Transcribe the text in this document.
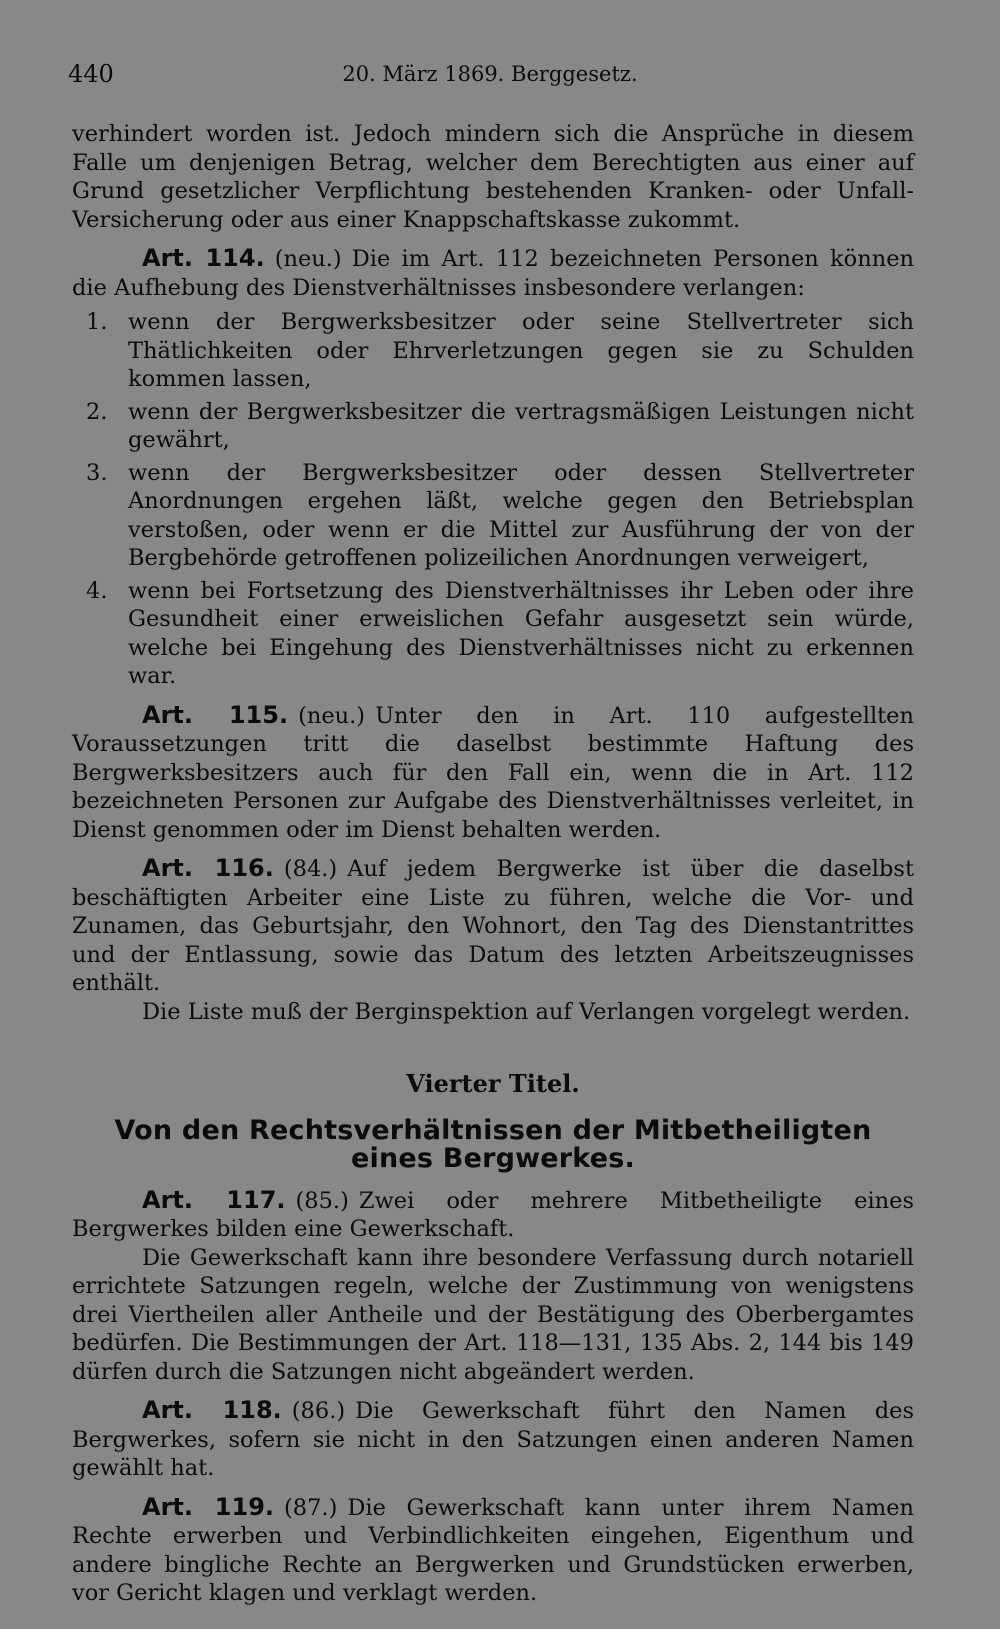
440	20. März 1869. Berggesetz.

verhindert worden ist. Jedoch mindern sich die Ansprüche in diesem Falle um denjenigen Betrag, welcher dem Berechtigten aus einer auf Grund gesetzlicher Verpflichtung bestehenden Kranken- oder Unfall-Versicherung oder aus einer Knappschaftskasse zukommt.

Art. 114. (neu.) Die im Art. 112 bezeichneten Personen können die Aufhebung des Dienstverhältnisses insbesondere verlangen:

1. wenn der Bergwerksbesitzer oder seine Stellvertreter sich Thätlichkeiten oder Ehrverletzungen gegen sie zu Schulden kommen lassen,
2. wenn der Bergwerksbesitzer die vertragsmäßigen Leistungen nicht gewährt,
3. wenn der Bergwerksbesitzer oder dessen Stellvertreter Anordnungen ergehen läßt, welche gegen den Betriebsplan verstoßen, oder wenn er die Mittel zur Ausführung der von der Bergbehörde getroffenen polizeilichen Anordnungen verweigert,
4. wenn bei Fortsetzung des Dienstverhältnisses ihr Leben oder ihre Gesundheit einer erweislichen Gefahr ausgesetzt sein würde, welche bei Eingehung des Dienstverhältnisses nicht zu erkennen war.

Art. 115. (neu.) Unter den in Art. 110 aufgestellten Voraussetzungen tritt die daselbst bestimmte Haftung des Bergwerksbesitzers auch für den Fall ein, wenn die in Art. 112 bezeichneten Personen zur Aufgabe des Dienstverhältnisses verleitet, in Dienst genommen oder im Dienst behalten werden.

Art. 116. (84.) Auf jedem Bergwerke ist über die daselbst beschäftigten Arbeiter eine Liste zu führen, welche die Vor- und Zunamen, das Geburtsjahr, den Wohnort, den Tag des Dienstantrittes und der Entlassung, sowie das Datum des letzten Arbeitszeugnisses enthält.

Die Liste muß der Berginspektion auf Verlangen vorgelegt werden.

Vierter Titel.
Von den Rechtsverhältnissen der Mitbetheiligten eines Bergwerkes.

Art. 117. (85.) Zwei oder mehrere Mitbetheiligte eines Bergwerkes bilden eine Gewerkschaft.

Die Gewerkschaft kann ihre besondere Verfassung durch notariell errichtete Satzungen regeln, welche der Zustimmung von wenigstens drei Viertheilen aller Antheile und der Bestätigung des Oberbergamtes bedürfen. Die Bestimmungen der Art. 118—131, 135 Abs. 2, 144 bis 149 dürfen durch die Satzungen nicht abgeändert werden.

Art. 118. (86.) Die Gewerkschaft führt den Namen des Bergwerkes, sofern sie nicht in den Satzungen einen anderen Namen gewählt hat.

Art. 119. (87.) Die Gewerkschaft kann unter ihrem Namen Rechte erwerben und Verbindlichkeiten eingehen, Eigenthum und andere bingliche Rechte an Bergwerken und Grundstücken erwerben, vor Gericht klagen und verklagt werden.
